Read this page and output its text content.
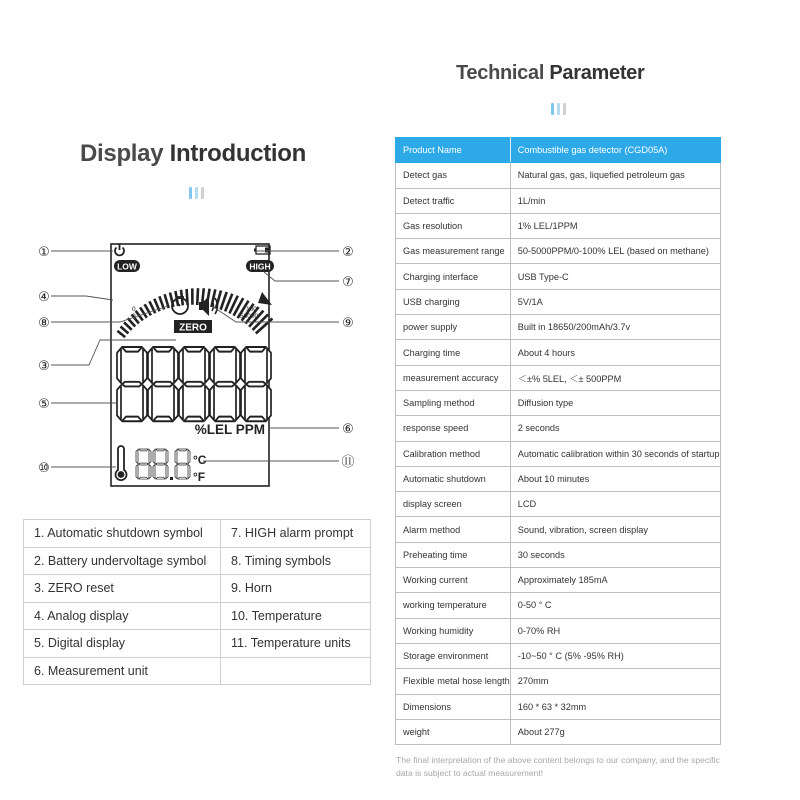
Display Introduction
Technical Parameter
LOW	HIGH
0
0
100
50000
ZERO
%LEL PPM
°C
°F
①	②
③
④
⑤
⑥
⑦
⑧	⑨
⑩	⑪
1. Automatic shutdown symbol	7. HIGH alarm prompt
2. Battery undervoltage symbol	8. Timing symbols
3. ZERO reset	9. Horn
4. Analog display	10. Temperature
5. Digital display	11. Temperature units
6. Measurement unit	
Product Name	Combustible gas detector (CGD05A)
Detect gas	Natural gas, gas, liquefied petroleum gas
Detect traffic	1L/min
Gas resolution	1% LEL/1PPM
Gas measurement range	50-5000PPM/0-100% LEL (based on methane)
Charging interface	USB Type-C
USB charging	5V/1A
power supply	Built in 18650/200mAh/3.7v
Charging time	About 4 hours
measurement accuracy	＜±% 5LEL, ＜± 500PPM
Sampling method	Diffusion type
response speed	2 seconds
Calibration method	Automatic calibration within 30 seconds of startup
Automatic shutdown	About 10 minutes
display screen	LCD
Alarm method	Sound, vibration, screen display
Preheating time	30 seconds
Working current	Approximately 185mA
working temperature	0-50 ° C
Working humidity	0-70% RH
Storage environment	-10~50 ° C (5% -95% RH)
Flexible metal hose length	270mm
Dimensions	160 * 63 * 32mm
weight	About 277g

The final interpretation of the above content belongs to our company, and the specific data is subject to actual measurement!
